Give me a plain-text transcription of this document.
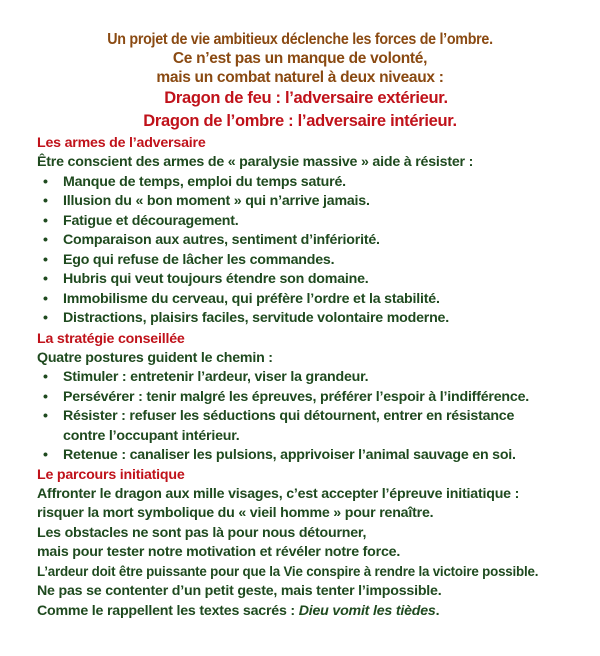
Un projet de vie ambitieux déclenche les forces de l’ombre.
Ce n’est pas un manque de volonté,
mais un combat naturel à deux niveaux :
Dragon de feu : l’adversaire extérieur.
Dragon de l’ombre : l’adversaire intérieur.
Les armes de l’adversaire
Être conscient des armes de « paralysie massive » aide à résister :
• Manque de temps, emploi du temps saturé.
• Illusion du « bon moment » qui n’arrive jamais.
• Fatigue et découragement.
• Comparaison aux autres, sentiment d’infériorité.
• Ego qui refuse de lâcher les commandes.
• Hubris qui veut toujours étendre son domaine.
• Immobilisme du cerveau, qui préfère l’ordre et la stabilité.
• Distractions, plaisirs faciles, servitude volontaire moderne.
La stratégie conseillée
Quatre postures guident le chemin :
• Stimuler : entretenir l’ardeur, viser la grandeur.
• Persévérer : tenir malgré les épreuves, préférer l’espoir à l’indifférence.
• Résister : refuser les séductions qui détournent, entrer en résistance
contre l’occupant intérieur.
• Retenue : canaliser les pulsions, apprivoiser l’animal sauvage en soi.
Le parcours initiatique
Affronter le dragon aux mille visages, c’est accepter l’épreuve initiatique :
risquer la mort symbolique du « vieil homme » pour renaître.
Les obstacles ne sont pas là pour nous détourner,
mais pour tester notre motivation et révéler notre force.
L’ardeur doit être puissante pour que la Vie conspire à rendre la victoire possible.
Ne pas se contenter d’un petit geste, mais tenter l’impossible.
Comme le rappellent les textes sacrés : Dieu vomit les tièdes.
